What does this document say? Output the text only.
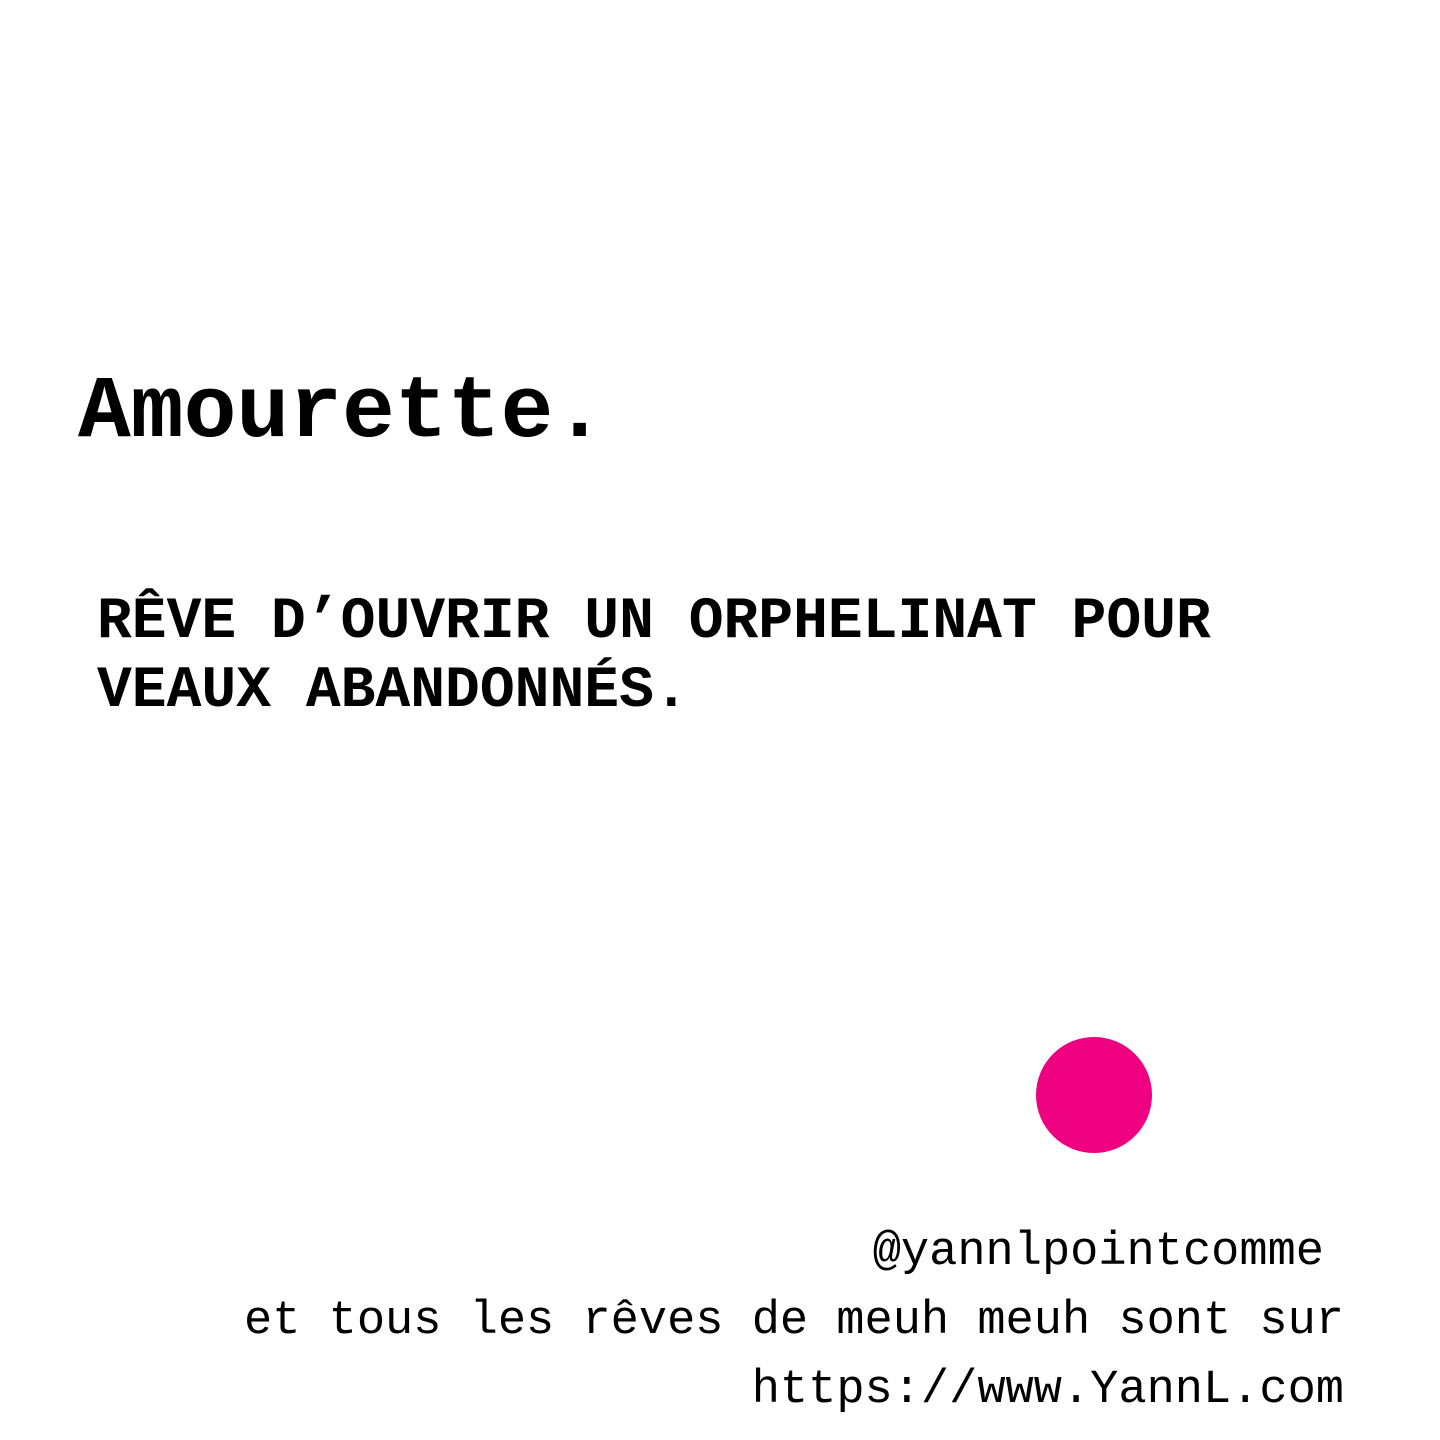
Amourette.
RÊVE D’OUVRIR UN ORPHELINAT POUR
VEAUX ABANDONNÉS.
@yannlpointcomme
et tous les rêves de meuh meuh sont sur
https://www.YannL.com
